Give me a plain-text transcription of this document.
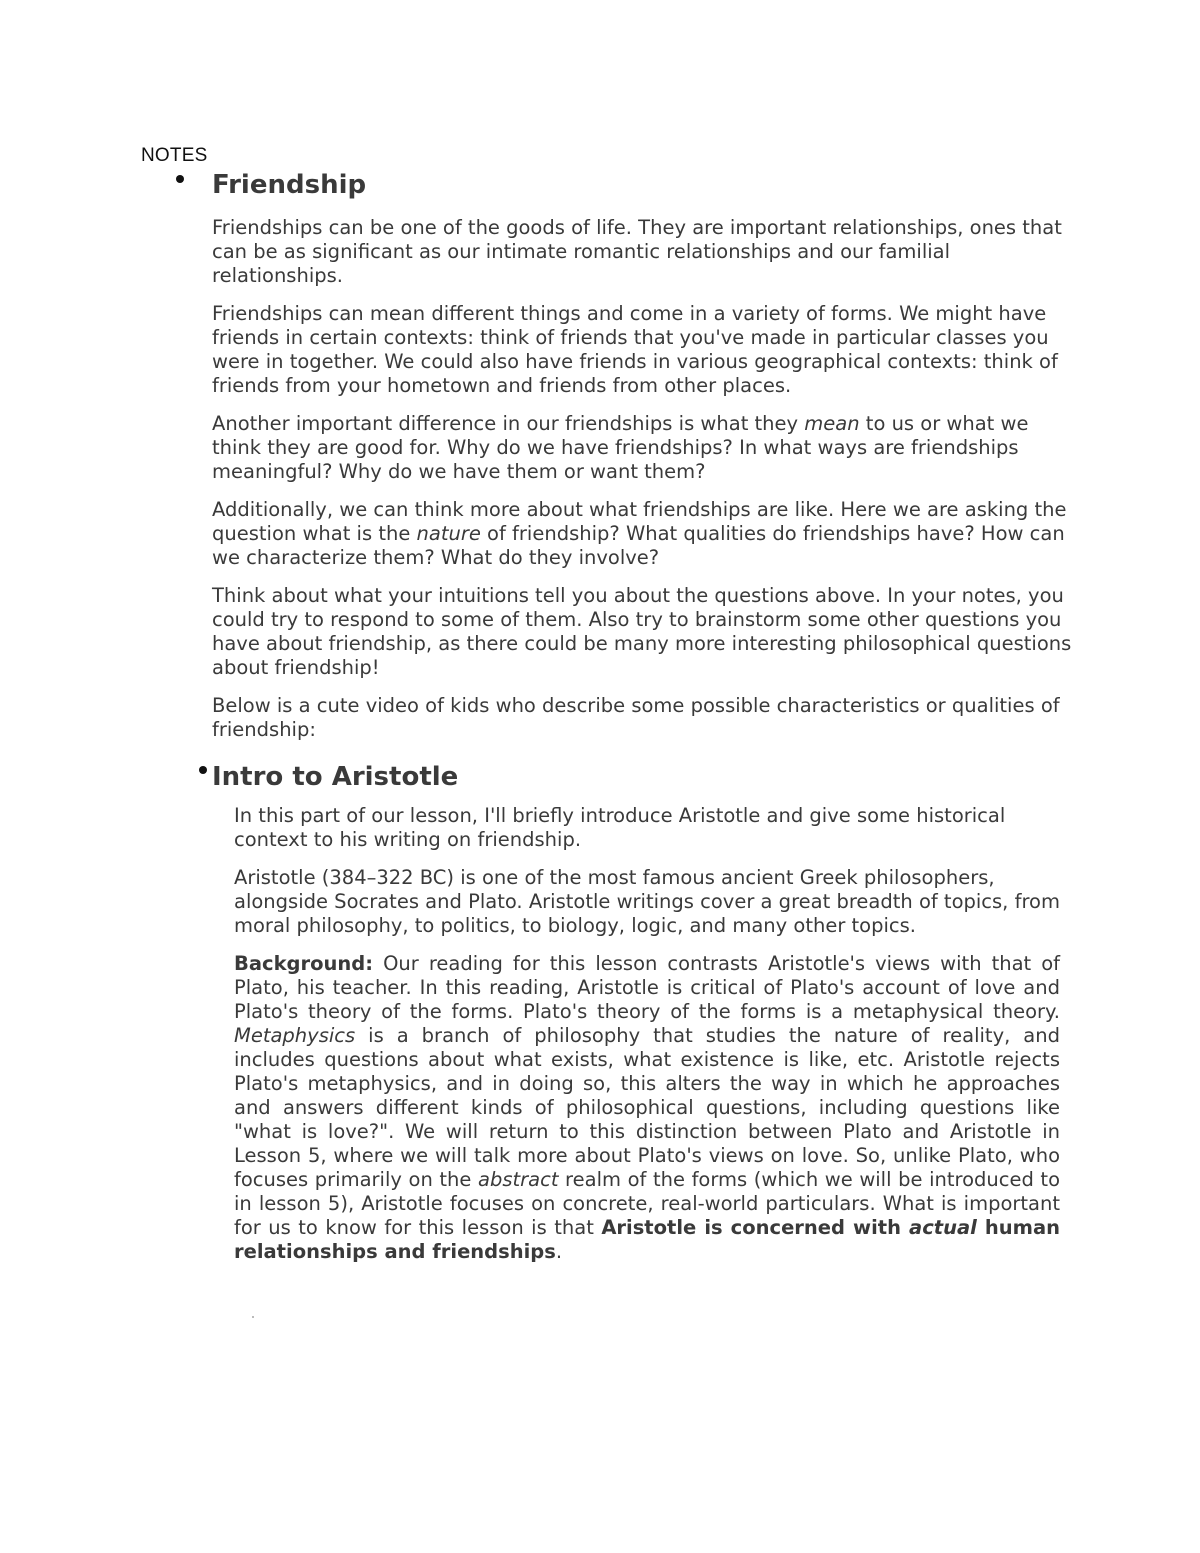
NOTES
Friendship

Friendships can be one of the goods of life. They are important relationships, ones that can be as significant as our intimate romantic relationships and our familial relationships.

Friendships can mean different things and come in a variety of forms. We might have friends in certain contexts: think of friends that you've made in particular classes you were in together. We could also have friends in various geographical contexts: think of friends from your hometown and friends from other places.

Another important difference in our friendships is what they mean to us or what we think they are good for. Why do we have friendships? In what ways are friendships meaningful? Why do we have them or want them?

Additionally, we can think more about what friendships are like. Here we are asking the question what is the nature of friendship? What qualities do friendships have? How can we characterize them? What do they involve?

Think about what your intuitions tell you about the questions above. In your notes, you could try to respond to some of them. Also try to brainstorm some other questions you have about friendship, as there could be many more interesting philosophical questions about friendship!

Below is a cute video of kids who describe some possible characteristics or qualities of friendship:

Intro to Aristotle

In this part of our lesson, I'll briefly introduce Aristotle and give some historical context to his writing on friendship.

Aristotle (384–322 BC) is one of the most famous ancient Greek philosophers, alongside Socrates and Plato. Aristotle writings cover a great breadth of topics, from moral philosophy, to politics, to biology, logic, and many other topics.

Background: Our reading for this lesson contrasts Aristotle's views with that of Plato, his teacher. In this reading, Aristotle is critical of Plato's account of love and Plato's theory of the forms. Plato's theory of the forms is a metaphysical theory. Metaphysics is a branch of philosophy that studies the nature of reality, and includes questions about what exists, what existence is like, etc. Aristotle rejects Plato's metaphysics, and in doing so, this alters the way in which he approaches and answers different kinds of philosophical questions, including questions like "what is love?". We will return to this distinction between Plato and Aristotle in Lesson 5, where we will talk more about Plato's views on love. So, unlike Plato, who focuses primarily on the abstract realm of the forms (which we will be introduced to in lesson 5), Aristotle focuses on concrete, real-world particulars. What is important for us to know for this lesson is that Aristotle is concerned with actual human relationships and friendships.
